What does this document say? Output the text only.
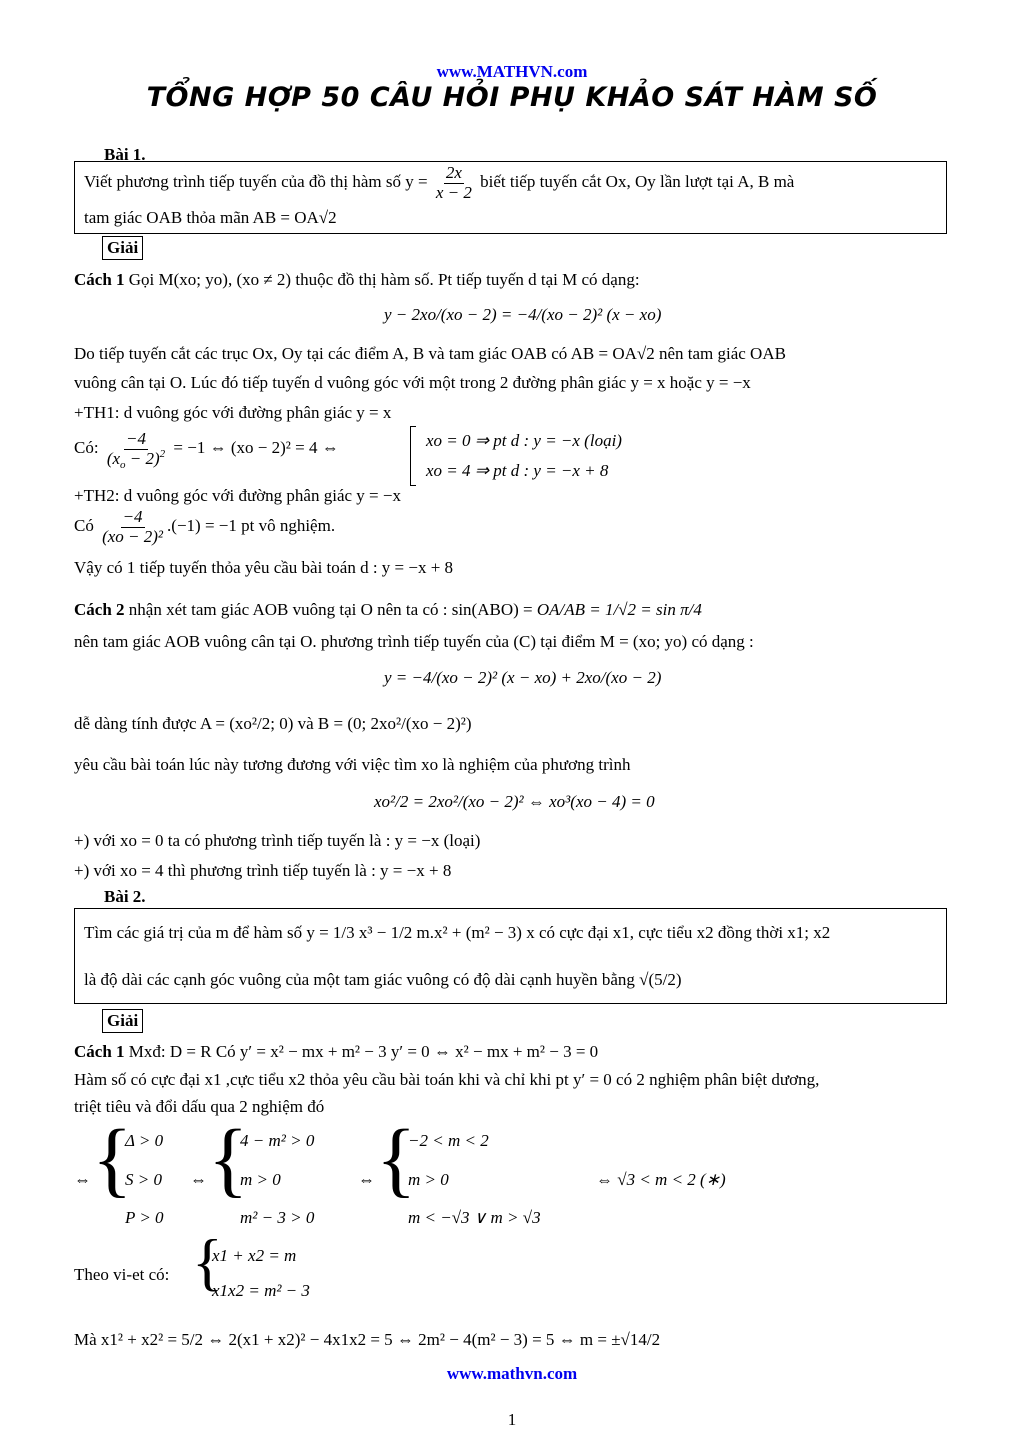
www.MATHVN.com
TỔNG HỢP 50 CÂU HỎI PHỤ KHẢO SÁT HÀM SỐ
Bài 1.
Viết phương trình tiếp tuyến của đồ thị hàm số $y = \frac{2x}{x - 2}$ biết tiếp tuyến cắt Ox, Oy lần lượt tại A, B mà
tam giác OAB thỏa mãn AB = OA√2
Giải
Cách 1 Gọi M(xo; yo), (xo ≠ 2) thuộc đồ thị hàm số. Pt tiếp tuyến d tại M có dạng:
y − 2xo/(xo − 2) = −4/(xo − 2)² (x − xo)
Do tiếp tuyến cắt các trục Ox, Oy tại các điểm A, B và tam giác OAB có AB = OA√2 nên tam giác OAB
vuông cân tại O. Lúc đó tiếp tuyến d vuông góc với một trong 2 đường phân giác y = x hoặc y = −x
+TH1: d vuông góc với đường phân giác y = x
Có: $\frac{-4}{(x_o - 2)^2} = -1$ ⇔ (xo − 2)² = 4 ⇔	xo = 0 ⇒ pt d : y = −x (loại)
xo = 4 ⇒ pt d : y = −x + 8
+TH2: d vuông góc với đường phân giác y = −x
Có $\frac{-4}{\text{(xo − 2)²}} .(-1) = -1$ pt vô nghiệm.
Vậy có 1 tiếp tuyến thỏa yêu cầu bài toán d : y = −x + 8
Cách 2 nhận xét tam giác AOB vuông tại O nên ta có : sin(ABO) = OA/AB = 1/√2 = sin π/4
nên tam giác AOB vuông cân tại O. phương trình tiếp tuyến của (C) tại điểm M = (xo; yo) có dạng :
y = −4/(xo − 2)² (x − xo) + 2xo/(xo − 2)
dễ dàng tính được A = (xo²/2; 0) và B = (0; 2xo²/(xo − 2)²)
yêu cầu bài toán lúc này tương đương với việc tìm xo là nghiệm của phương trình
xo²/2 = 2xo²/(xo − 2)² ⇔ xo³(xo − 4) = 0
+) với xo = 0 ta có phương trình tiếp tuyến là : y = −x (loại)
+) với xo = 4 thì phương trình tiếp tuyến là : y = −x + 8
Bài 2.
Tìm các giá trị của m để hàm số y = 1/3 x³ − 1/2 m.x² + (m² − 3) x có cực đại x1, cực tiểu x2 đồng thời x1; x2
là độ dài các cạnh góc vuông của một tam giác vuông có độ dài cạnh huyền bằng √(5/2)
Giải
Cách 1 Mxđ: D = R Có y′ = x² − mx + m² − 3 y′ = 0 ⇔ x² − mx + m² − 3 = 0
Hàm số có cực đại x1 ,cực tiểu x2 thỏa yêu cầu bài toán khi và chỉ khi pt y′ = 0 có 2 nghiệm phân biệt dương,
triệt tiêu và đổi dấu qua 2 nghiệm đó
⇔ {
Δ > 0
S > 0
P > 0
⇔ {
4 − m² > 0
m > 0
m² − 3 > 0
⇔ {
−2 < m < 2
m > 0
m < −√3 ∨ m > √3
⇔ √3 < m < 2 (∗)
Theo vi-et có: {
x1 + x2 = m
x1x2 = m² − 3
Mà x1² + x2² = 5/2 ⇔ 2(x1 + x2)² − 4x1x2 = 5 ⇔ 2m² − 4(m² − 3) = 5 ⇔ m = ±√14/2
www.mathvn.com
1
